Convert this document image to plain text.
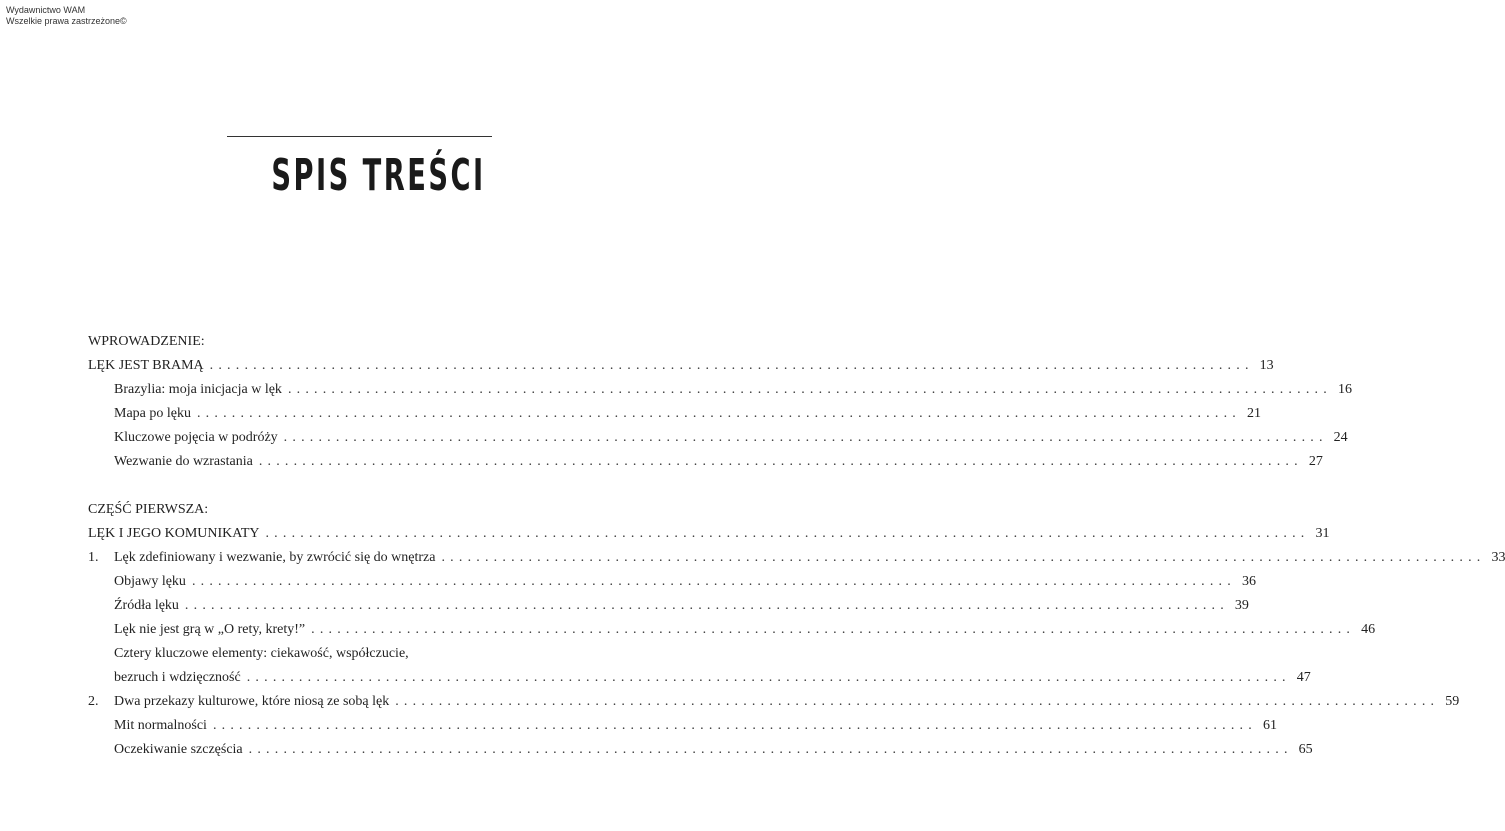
Wydawnictwo WAM
Wszelkie prawa zastrzeżone©
SPIS TREŚCI
WPROWADZENIE:
LĘK JEST BRAMĄ ........................................................................................................................ 13
Brazylia: moja inicjacja w lęk ........................................................................................................................ 16
Mapa po lęku ........................................................................................................................ 21
Kluczowe pojęcia w podróży ........................................................................................................................ 24
Wezwanie do wzrastania ........................................................................................................................ 27
CZĘŚĆ PIERWSZA:
LĘK I JEGO KOMUNIKATY ........................................................................................................................ 31
1.	Lęk zdefiniowany i wezwanie, by zwrócić się do wnętrza ........................................................................................................................ 33
Objawy lęku ........................................................................................................................ 36
Źródła lęku ........................................................................................................................ 39
Lęk nie jest grą w „O rety, krety!” ........................................................................................................................ 46
Cztery kluczowe elementy: ciekawość, współczucie,
bezruch i wdzięczność ........................................................................................................................ 47
2.	Dwa przekazy kulturowe, które niosą ze sobą lęk ........................................................................................................................ 59
Mit normalności ........................................................................................................................ 61
Oczekiwanie szczęścia ........................................................................................................................ 65
